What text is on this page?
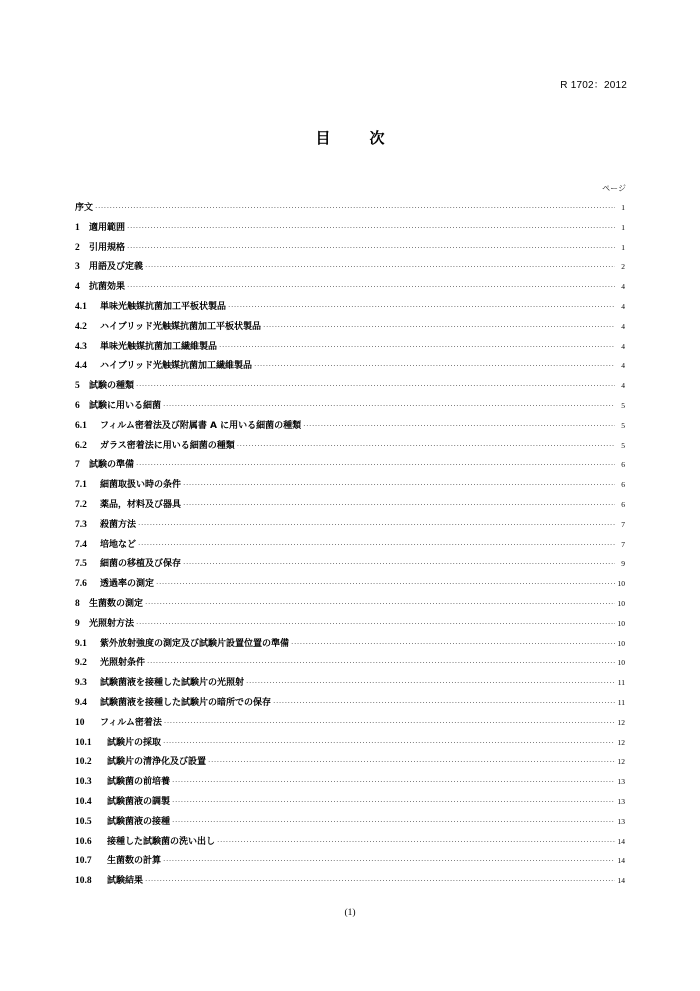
R 1702：2012
目　次
ページ
序文 ·····	1
1	適用範囲 ·····	1
2	引用規格 ·····	1
3	用語及び定義 ·····	2
4	抗菌効果 ·····	4
4.1	単味光触媒抗菌加工平板状製品 ·····	4
4.2	ハイブリッド光触媒抗菌加工平板状製品 ·····	4
4.3	単味光触媒抗菌加工繊維製品 ·····	4
4.4	ハイブリッド光触媒抗菌加工繊維製品 ·····	4
5	試験の種類 ·····	4
6	試験に用いる細菌 ·····	5
6.1	フィルム密着法及び附属書 A に用いる細菌の種類 ·····	5
6.2	ガラス密着法に用いる細菌の種類 ·····	5
7	試験の準備 ·····	6
7.1	細菌取扱い時の条件 ·····	6
7.2	薬品，材料及び器具 ·····	6
7.3	殺菌方法 ·····	7
7.4	培地など ·····	7
7.5	細菌の移植及び保存 ·····	9
7.6	透過率の測定 ·····	10
8	生菌数の測定 ·····	10
9	光照射方法 ·····	10
9.1	紫外放射強度の測定及び試験片設置位置の準備 ·····	10
9.2	光照射条件 ·····	10
9.3	試験菌液を接種した試験片の光照射 ·····	11
9.4	試験菌液を接種した試験片の暗所での保存 ·····	11
10	フィルム密着法 ·····	12
10.1	試験片の採取 ·····	12
10.2	試験片の清浄化及び設置 ·····	12
10.3	試験菌の前培養 ·····	13
10.4	試験菌液の調製 ·····	13
10.5	試験菌液の接種 ·····	13
10.6	接種した試験菌の洗い出し ·····	14
10.7	生菌数の計算 ·····	14
10.8	試験結果 ·····	14
(1)
